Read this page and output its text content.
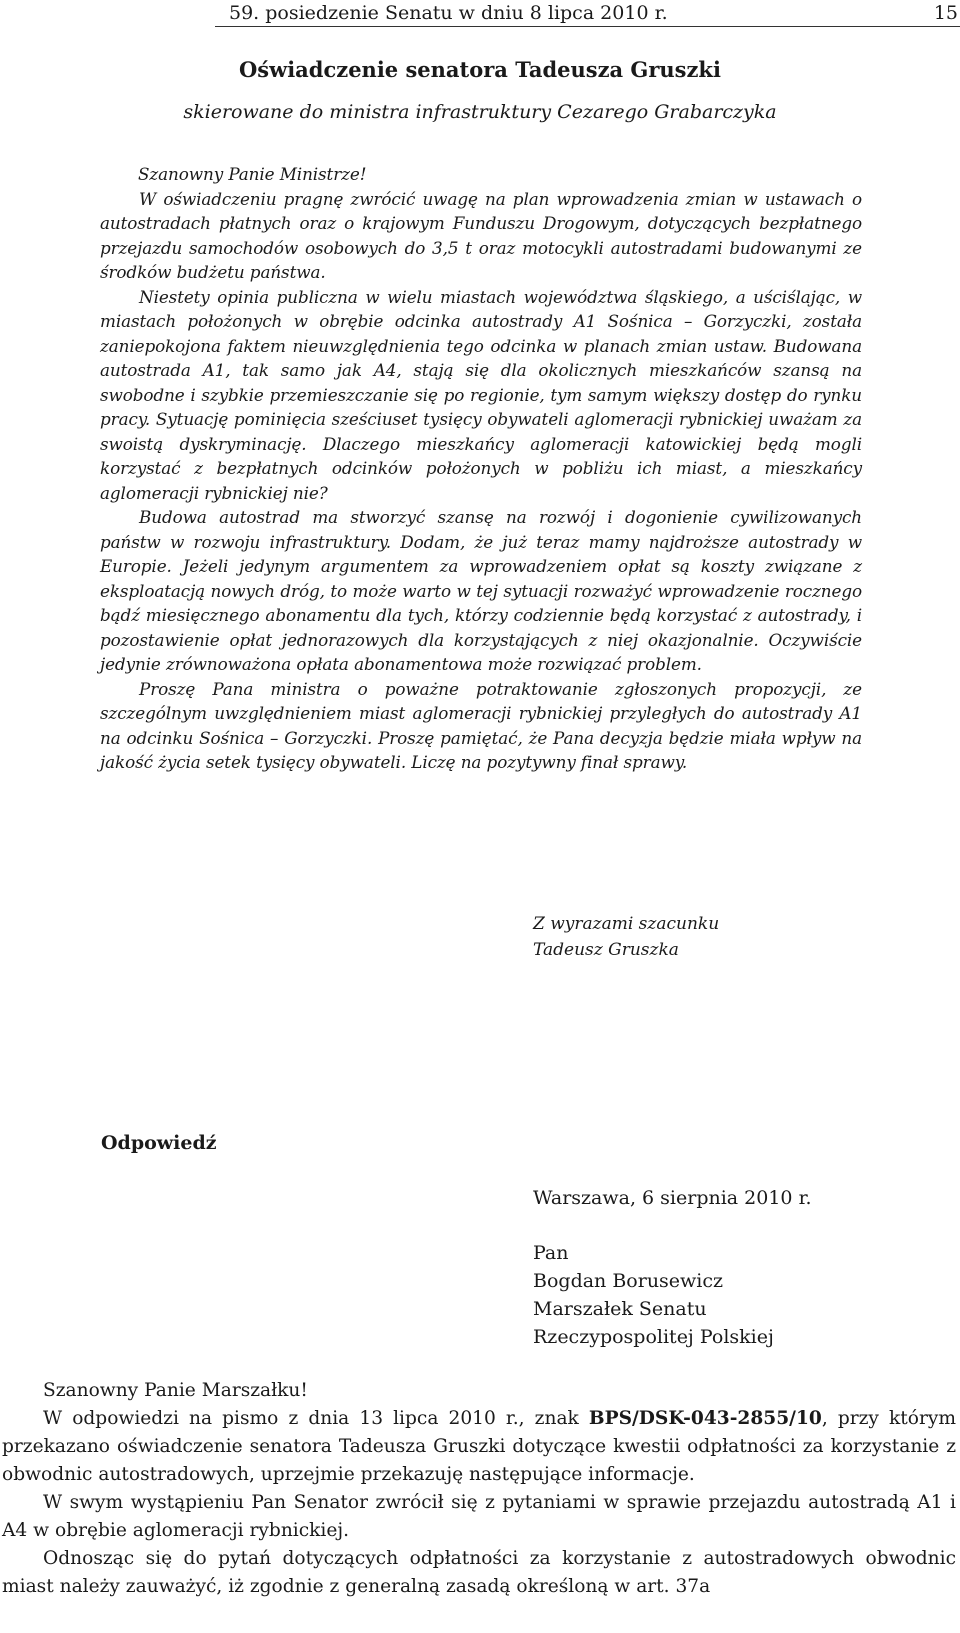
59. posiedzenie Senatu w dniu 8 lipca 2010 r.	15
Oświadczenie senatora Tadeusza Gruszki
skierowane do ministra infrastruktury Cezarego Grabarczyka

Szanowny Panie Ministrze!

W oświadczeniu pragnę zwrócić uwagę na plan wprowadzenia zmian w ustawach o autostradach płatnych oraz o krajowym Funduszu Drogowym, dotyczących bezpłatnego przejazdu samochodów osobowych do 3,5 t oraz motocykli autostradami budowanymi ze środków budżetu państwa.

Niestety opinia publiczna w wielu miastach województwa śląskiego, a uściślając, w miastach położonych w obrębie odcinka autostrady A1 Sośnica – Gorzyczki, została zaniepokojona faktem nieuwzględnienia tego odcinka w planach zmian ustaw. Budowana autostrada A1, tak samo jak A4, stają się dla okolicznych mieszkańców szansą na swobodne i szybkie przemieszczanie się po regionie, tym samym większy dostęp do rynku pracy. Sytuację pominięcia sześciuset tysięcy obywateli aglomeracji rybnickiej uważam za swoistą dyskryminację. Dlaczego mieszkańcy aglomeracji katowickiej będą mogli korzystać z bezpłatnych odcinków położonych w pobliżu ich miast, a mieszkańcy aglomeracji rybnickiej nie?

Budowa autostrad ma stworzyć szansę na rozwój i dogonienie cywilizowanych państw w rozwoju infrastruktury. Dodam, że już teraz mamy najdroższe autostrady w Europie. Jeżeli jedynym argumentem za wprowadzeniem opłat są koszty związane z eksploatacją nowych dróg, to może warto w tej sytuacji rozważyć wprowadzenie rocznego bądź miesięcznego abonamentu dla tych, którzy codziennie będą korzystać z autostrady, i pozostawienie opłat jednorazowych dla korzystających z niej okazjonalnie. Oczywiście jedynie zrównoważona opłata abonamentowa może rozwiązać problem.

Proszę Pana ministra o poważne potraktowanie zgłoszonych propozycji, ze szczególnym uwzględnieniem miast aglomeracji rybnickiej przyległych do autostrady A1 na odcinku Sośnica – Gorzyczki. Proszę pamiętać, że Pana decyzja będzie miała wpływ na jakość życia setek tysięcy obywateli. Liczę na pozytywny finał sprawy.

Z wyrazami szacunku
Tadeusz Gruszka
Odpowiedź
Warszawa, 6 sierpnia 2010 r.
Pan
Bogdan Borusewicz
Marszałek Senatu
Rzeczypospolitej Polskiej

Szanowny Panie Marszałku!

W odpowiedzi na pismo z dnia 13 lipca 2010 r., znak BPS/DSK-043-2855/10, przy którym przekazano oświadczenie senatora Tadeusza Gruszki dotyczące kwestii odpłatności za korzystanie z obwodnic autostradowych, uprzejmie przekazuję następujące informacje.

W swym wystąpieniu Pan Senator zwrócił się z pytaniami w sprawie przejazdu autostradą A1 i A4 w obrębie aglomeracji rybnickiej.

Odnosząc się do pytań dotyczących odpłatności za korzystanie z autostradowych obwodnic miast należy zauważyć, iż zgodnie z generalną zasadą określoną w art. 37a
